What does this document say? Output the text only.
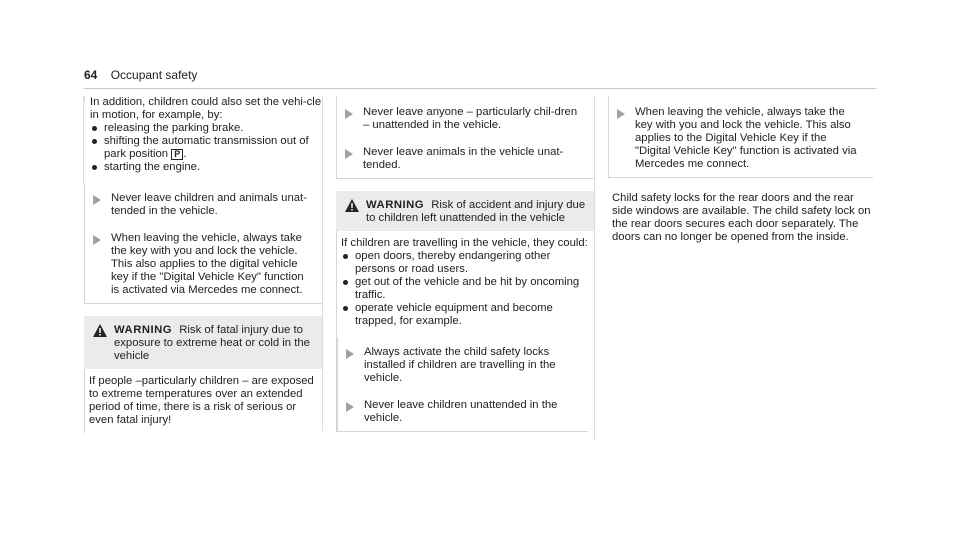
64 Occupant safety

In addition, children could also set the vehi-cle in motion, for example, by:

releasing the parking brake.
shifting the automatic transmission out of park position P .
starting the engine.

Never leave children and animals unat-tended in the vehicle.

When leaving the vehicle, always take the key with you and lock the vehicle. This also applies to the digital vehicle key if the "Digital Vehicle Key" function is activated via Mercedes me connect.

WARNING Risk of fatal injury due to exposure to extreme heat or cold in the vehicle

If people –particularly children – are exposed to extreme temperatures over an extended period of time, there is a risk of serious or even fatal injury!

Never leave anyone – particularly chil-dren – unattended in the vehicle.

Never leave animals in the vehicle unat-tended.

WARNING Risk of accident and injury due to children left unattended in the vehicle

If children are travelling in the vehicle, they could:

open doors, thereby endangering other persons or road users.
get out of the vehicle and be hit by oncoming traffic.
operate vehicle equipment and become trapped, for example.

Always activate the child safety locks installed if children are travelling in the vehicle.

Never leave children unattended in the vehicle.

When leaving the vehicle, always take the key with you and lock the vehicle. This also applies to the Digital Vehicle Key if the "Digital Vehicle Key" function is activated via Mercedes me connect.

Child safety locks for the rear doors and the rear side windows are available. The child safety lock on the rear doors secures each door separately. The doors can no longer be opened from the inside.
